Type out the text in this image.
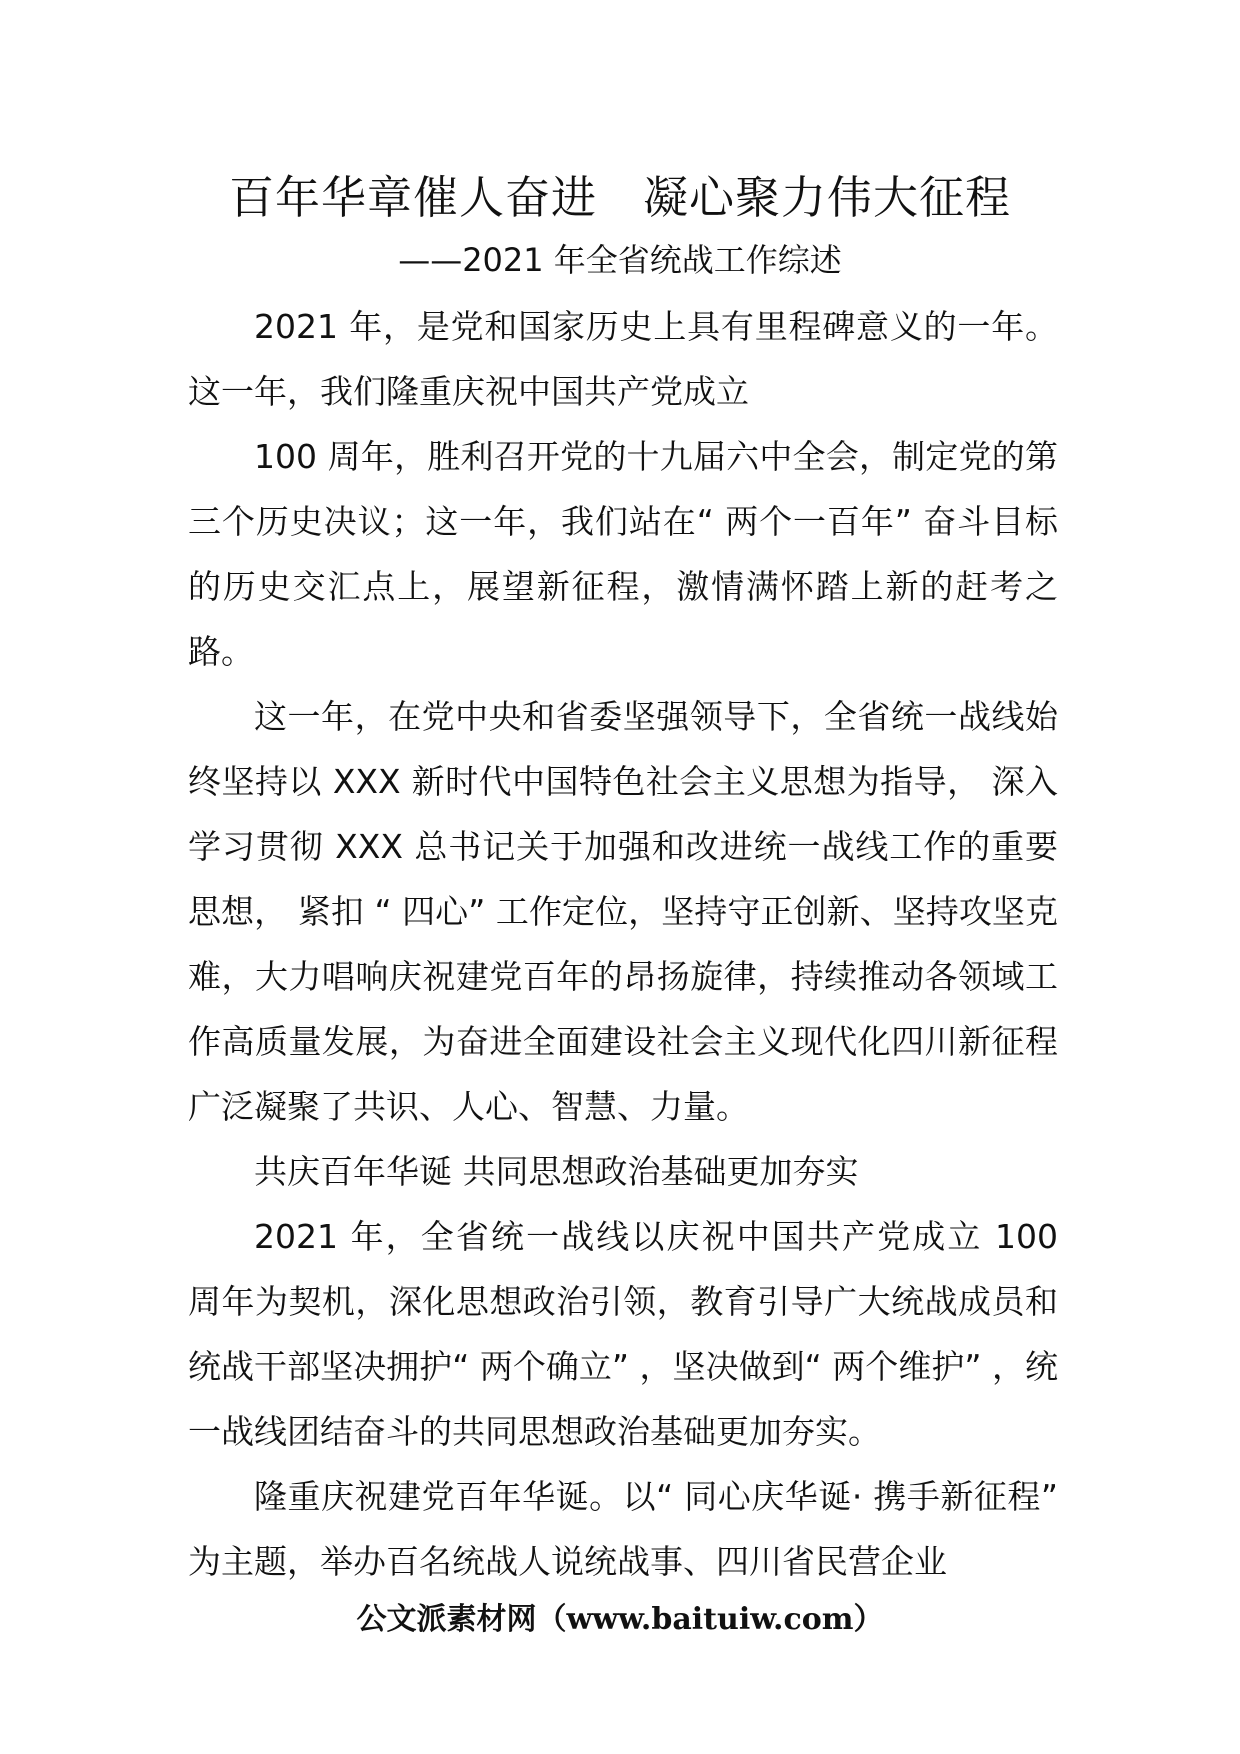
百年华章催人奋进　凝心聚力伟大征程
——2021 年全省统战工作综述

2021 年，是党和国家历史上具有里程碑意义的一年。这一年，我们隆重庆祝中国共产党成立

100 周年，胜利召开党的十九届六中全会，制定党的第三个历史决议；这一年，我们站在“ 两个一百年” 奋斗目标的历史交汇点上，展望新征程，激情满怀踏上新的赶考之路。

这一年，在党中央和省委坚强领导下，全省统一战线始终坚持以 XXX 新时代中国特色社会主义思想为指导， 深入学习贯彻 XXX 总书记关于加强和改进统一战线工作的重要思想， 紧扣 “ 四心” 工作定位，坚持守正创新、坚持攻坚克难，大力唱响庆祝建党百年的昂扬旋律，持续推动各领域工作高质量发展，为奋进全面建设社会主义现代化四川新征程广泛凝聚了共识、人心、智慧、力量。

共庆百年华诞 共同思想政治基础更加夯实

2021 年，全省统一战线以庆祝中国共产党成立 100 周年为契机，深化思想政治引领，教育引导广大统战成员和统战干部坚决拥护“ 两个确立” ，坚决做到“ 两个维护” ，统一战线团结奋斗的共同思想政治基础更加夯实。

隆重庆祝建党百年华诞。以“ 同心庆华诞· 携手新征程” 为主题，举办百名统战人说统战事、四川省民营企业

公文派素材网（www.baituiw.com）
